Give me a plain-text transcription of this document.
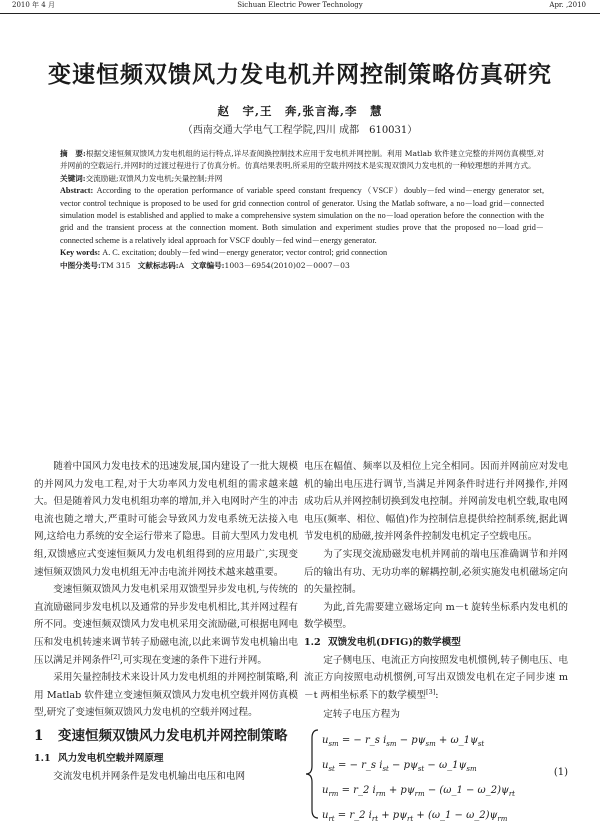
2010 年 4 月	Sichuan Electric Power Technology	Apr. ,2010
变速恒频双馈风力发电机并网控制策略仿真研究
赵　宇,王　奔,张言海,李　慧
（西南交通大学电气工程学院,四川 成都　610031）

摘　要:根据交速恒频双馈风力发电机组的运行特点,详尽查阅换控制技术应用于发电机并网控制。利用 Matlab 软件建立完整的并网仿真模型,对并网前的空载运行,并网时的过渡过程进行了仿真分析。仿真结果表明,所采用的空载并网技术是实现双馈风力发电机的一种较理想的并网方式。

关键词:交流励磁;双馈风力发电机;矢量控制;并网

Abstract: According to the operation performance of variable speed constant frequency（VSCF）doubly－fed wind－energy generator set, vector control technique is proposed to be used for grid connection control of generator. Using the Matlab software, a no－load grid－connected simulation model is established and applied to make a comprehensive system simulation on the no－load operation before the connection with the grid and the transient process at the connection moment. Both simulation and experiment studies prove that the proposed no－load grid－connected scheme is a relatively ideal approach for VSCF doubly－fed wind－energy generator.

Key words: A. C. excitation; doubly－fed wind－energy generator; vector control; grid connection

中图分类号:TM 315 文献标志码:A 文章编号:1003－6954(2010)02－0007－03

随着中国风力发电技术的迅速发展,国内建设了一批大规模的并网风力发电工程,对于大功率风力发电机组的需求越来越大。但是随着风力发电机组功率的增加,并入电网时产生的冲击电流也随之增大,严重时可能会导致风力发电系统无法接入电网,这给电力系统的安全运行带来了隐患。目前大型风力发电机组,双馈感应式变速恒频风力发电机组得到的应用最广,实现变速恒频双馈风力发电机组无冲击电流并网技术越来越重要。

变速恒频双馈风力发电机采用双馈型异步发电机,与传统的直流励磁同步发电机以及通常的异步发电机相比,其并网过程有所不同。变速恒频双馈风力发电机采用交流励磁,可根据电网电压和发电机转速来调节转子励磁电流,以此来调节发电机输出电压以满足并网条件[2],可实现在变速的条件下进行并网。

采用矢量控制技术来设计风力发电机组的并网控制策略,利用 Matlab 软件建立变速恒频双馈风力发电机空载并网仿真模型,研究了变速恒频双馈风力发电机的空载并网过程。

1	变速恒频双馈风力发电机并网控制策略

1.1 风力发电机空载并网原理

交流发电机并网条件是发电机输出电压和电网

电压在幅值、频率以及相位上完全相同。因而并网前应对发电机的输出电压进行调节,当满足并网条件时进行并网操作,并网成功后从并网控制切换到发电控制。并网前发电机空载,取电网电压(频率、相位、幅值)作为控制信息提供给控制系统,据此调节发电机的励磁,按并网条件控制发电机定子空载电压。

为了实现交流励磁发电机并网前的端电压准确调节和并网后的输出有功、无功功率的解耦控制,必须实施发电机磁场定向的矢量控制。

为此,首先需要建立磁场定向 m－t 旋转坐标系内发电机的数学模型。

1.2 双馈发电机(DFIG)的数学模型

定子侧电压、电流正方向按照发电机惯例,转子侧电压、电流正方向按照电动机惯例,可写出双馈发电机在定子同步速 m－t 两相坐标系下的数学模型[3]:

定转子电压方程为

$u_{sm}$ = − r_s $i_{sm} - p\psi_{sm}$ + $\omega\_1\psi_{st}$
$u_{st}$ = − r_s $i_{st} - p\psi_{st}$ − $\omega\_1\psi_{sm}$
$u_{rm}$ = r_2 $i_{rm} + p\psi_{rm}$ − (ω_1 − $\omega\_2)\psi_{rt}$
$u_{rt}$ = r_2 $i_{rt} + p\psi_{rt}$ + (ω_1 − $\omega\_2)\psi_{rm}$
(1)
